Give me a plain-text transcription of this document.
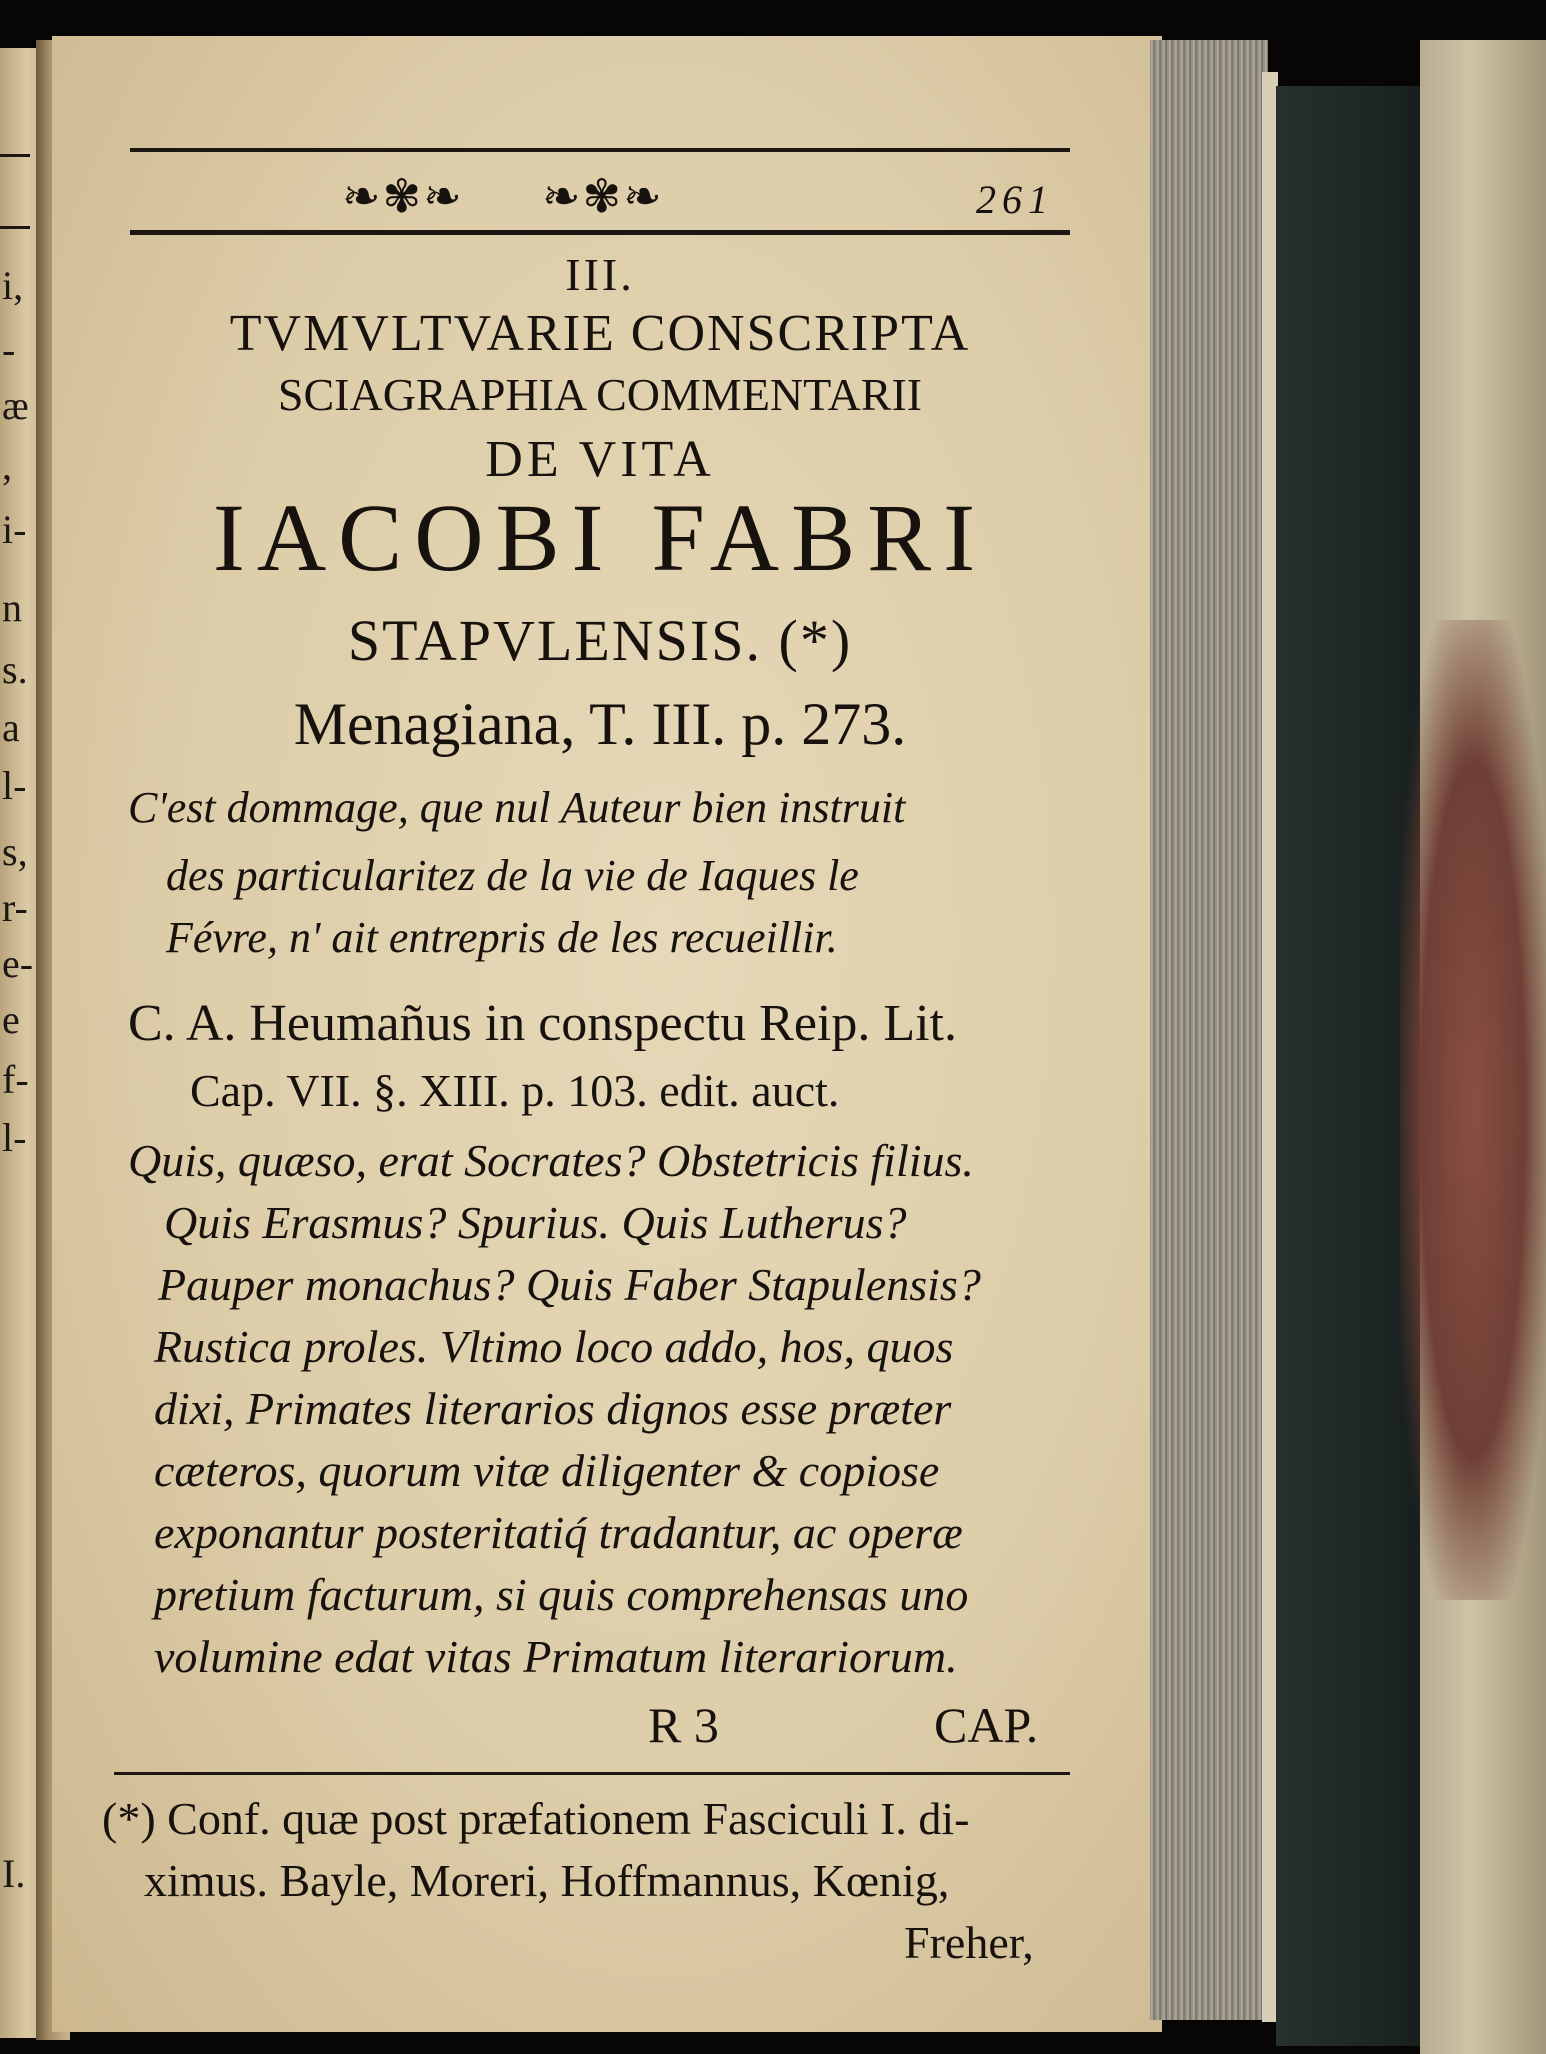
i,
-
æ
,
i-
n
s.
a
l-
s,
r-
e-
e
f-
l-
I.
❧✾❧ ❧✾❧	261
III.
TVMVLTVARIE CONSCRIPTA
SCIAGRAPHIA COMMENTARII
DE VITA
IACOBI FABRI
STAPVLENSIS. (*)
Menagiana, T. III. p. 273.
C'est dommage, que nul Auteur bien instruit
des particularitez de la vie de Iaques le
Févre, n' ait entrepris de les recueillir.
C. A. Heumañus in conspectu Reip. Lit.
Cap. VII. §. XIII. p. 103. edit. auct.
Quis, quæso, erat Socrates? Obstetricis filius.
Quis Erasmus? Spurius. Quis Lutherus?
Pauper monachus? Quis Faber Stapulensis?
Rustica proles. Vltimo loco addo, hos, quos
dixi, Primates literarios dignos esse præter
cæteros, quorum vitæ diligenter & copiose
exponantur posteritatiq́ tradantur, ac operæ
pretium facturum, si quis comprehensas uno
volumine edat vitas Primatum literariorum.
R 3	CAP.
(*) Conf. quæ post præfationem Fasciculi I. di-
ximus. Bayle, Moreri, Hoffmannus, Kœnig,
Freher,
